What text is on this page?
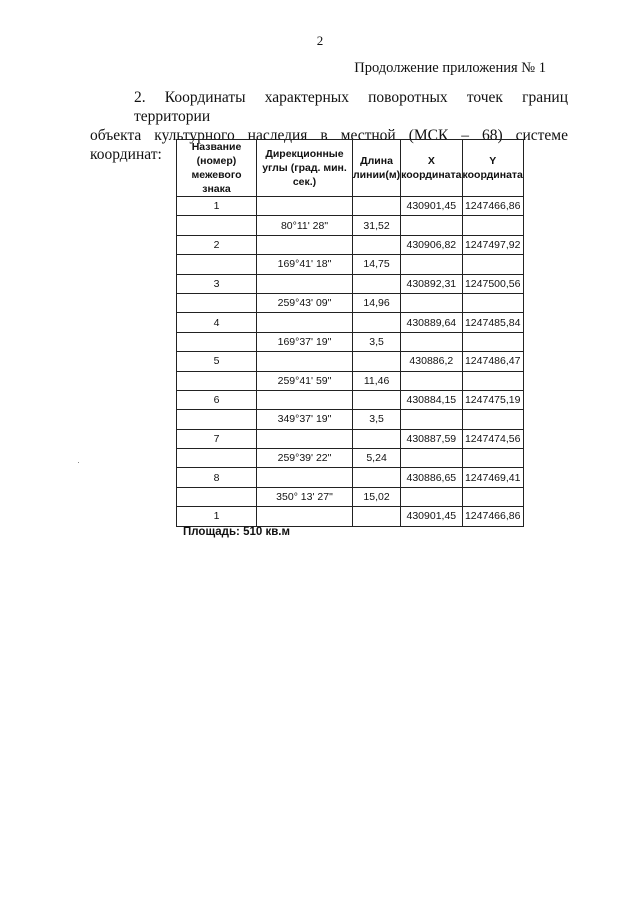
2
Продолжение приложения № 1
2. Координаты характерных поворотных точек границ территории
объекта культурного наследия в местной (МСК – 68) системе координат:	Название (номер) межевого знака	Дирекционные углы (град. мин. сек.)	Длина линии(м)	X координата	Y координата
1			430901,45	1247466,86
	80°11' 28"	31,52		
2			430906,82	1247497,92
	169°41' 18"	14,75		
3			430892,31	1247500,56
	259°43' 09"	14,96		
4			430889,64	1247485,84
	169°37' 19"	3,5		
5			430886,2	1247486,47
	259°41' 59"	11,46		
6			430884,15	1247475,19
	349°37' 19"	3,5		
7			430887,59	1247474,56
	259°39' 22"	5,24		
8			430886,65	1247469,41
	350° 13' 27"	15,02		
1			430901,45	1247466,86
Площадь: 510 кв.м
